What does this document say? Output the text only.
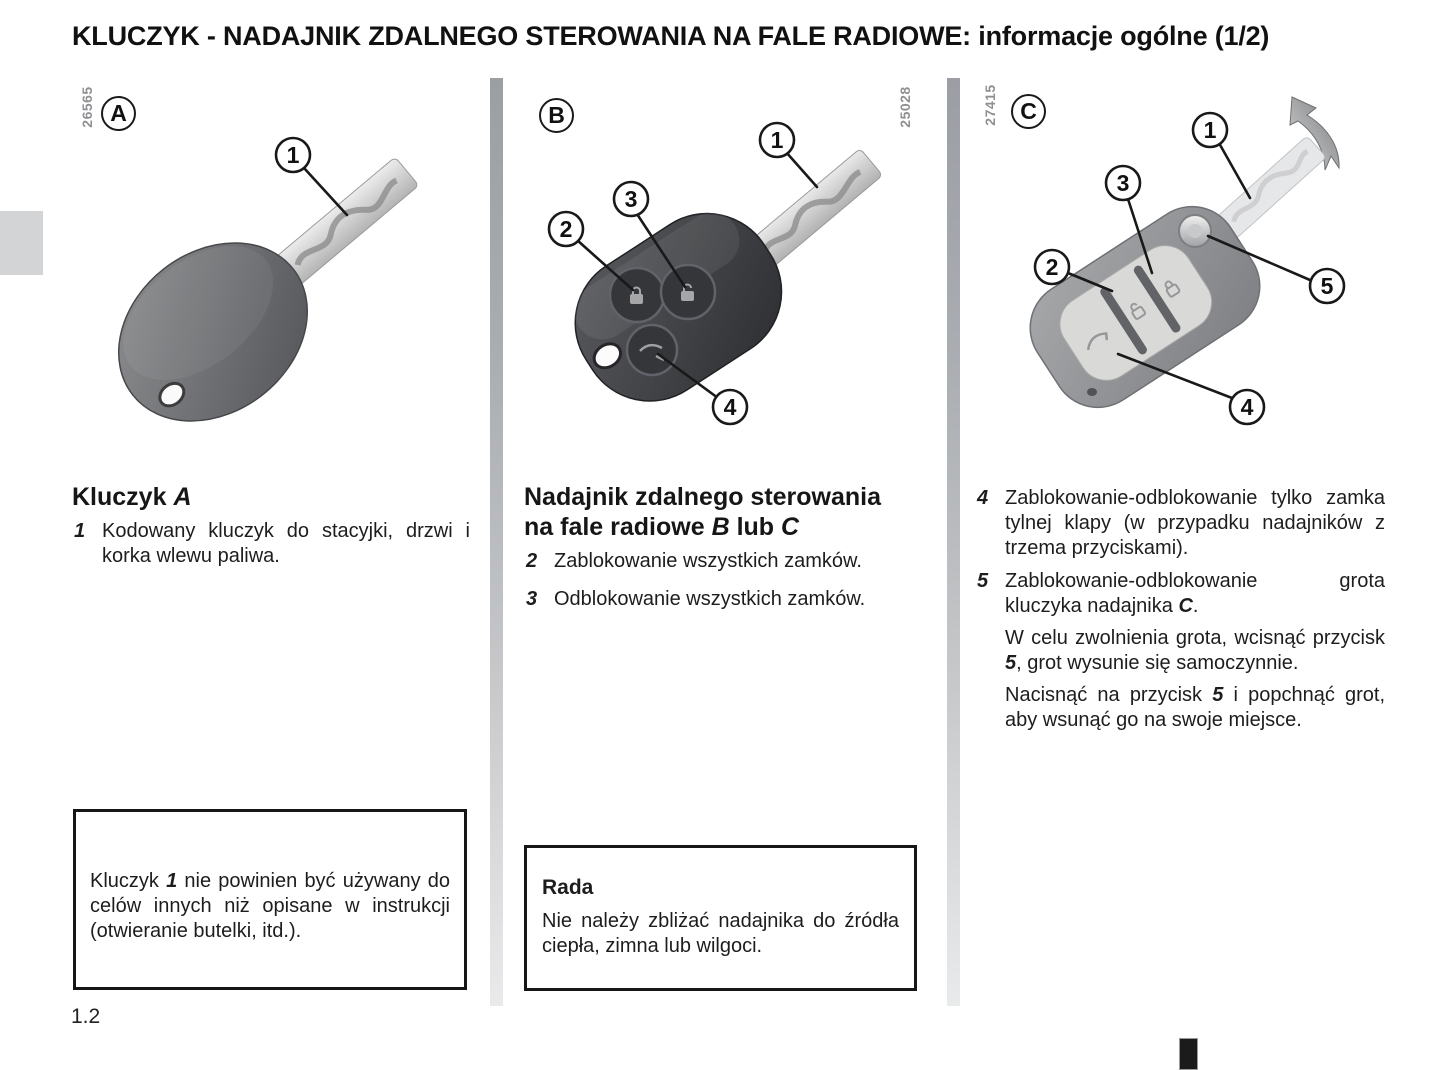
KLUCZYK - NADAJNIK ZDALNEGO STEROWANIA NA FALE RADIOWE: informacje ogólne (1/2)
26565 A
1
Kluczyk A
1 Kodowany kluczyk do stacyjki, drzwi i korka wlewu paliwa.
Kluczyk 1 nie powinien być używany do celów innych niż opisane w instrukcji (otwieranie butelki, itd.).
B	25028
1
2
3
4
Nadajnik zdalnego sterowania na fale radiowe B lub C
2 Zablokowanie wszystkich zamków.
3 Odblokowanie wszystkich zamków.
Rada
Nie należy zbliżać nadajnika do źródła ciepła, zimna lub wilgoci.
27415 C
1
2
3
4
5
4 Zablokowanie-odblokowanie tylko zamka tylnej klapy (w przypadku nadajników z trzema przyciskami).
5 Zablokowanie-odblokowanie grota kluczyka nadajnika C.
W celu zwolnienia grota, wcisnąć przycisk 5, grot wysunie się samoczynnie.
Nacisnąć na przycisk 5 i popchnąć grot, aby wsunąć go na swoje miejsce.
1.2
